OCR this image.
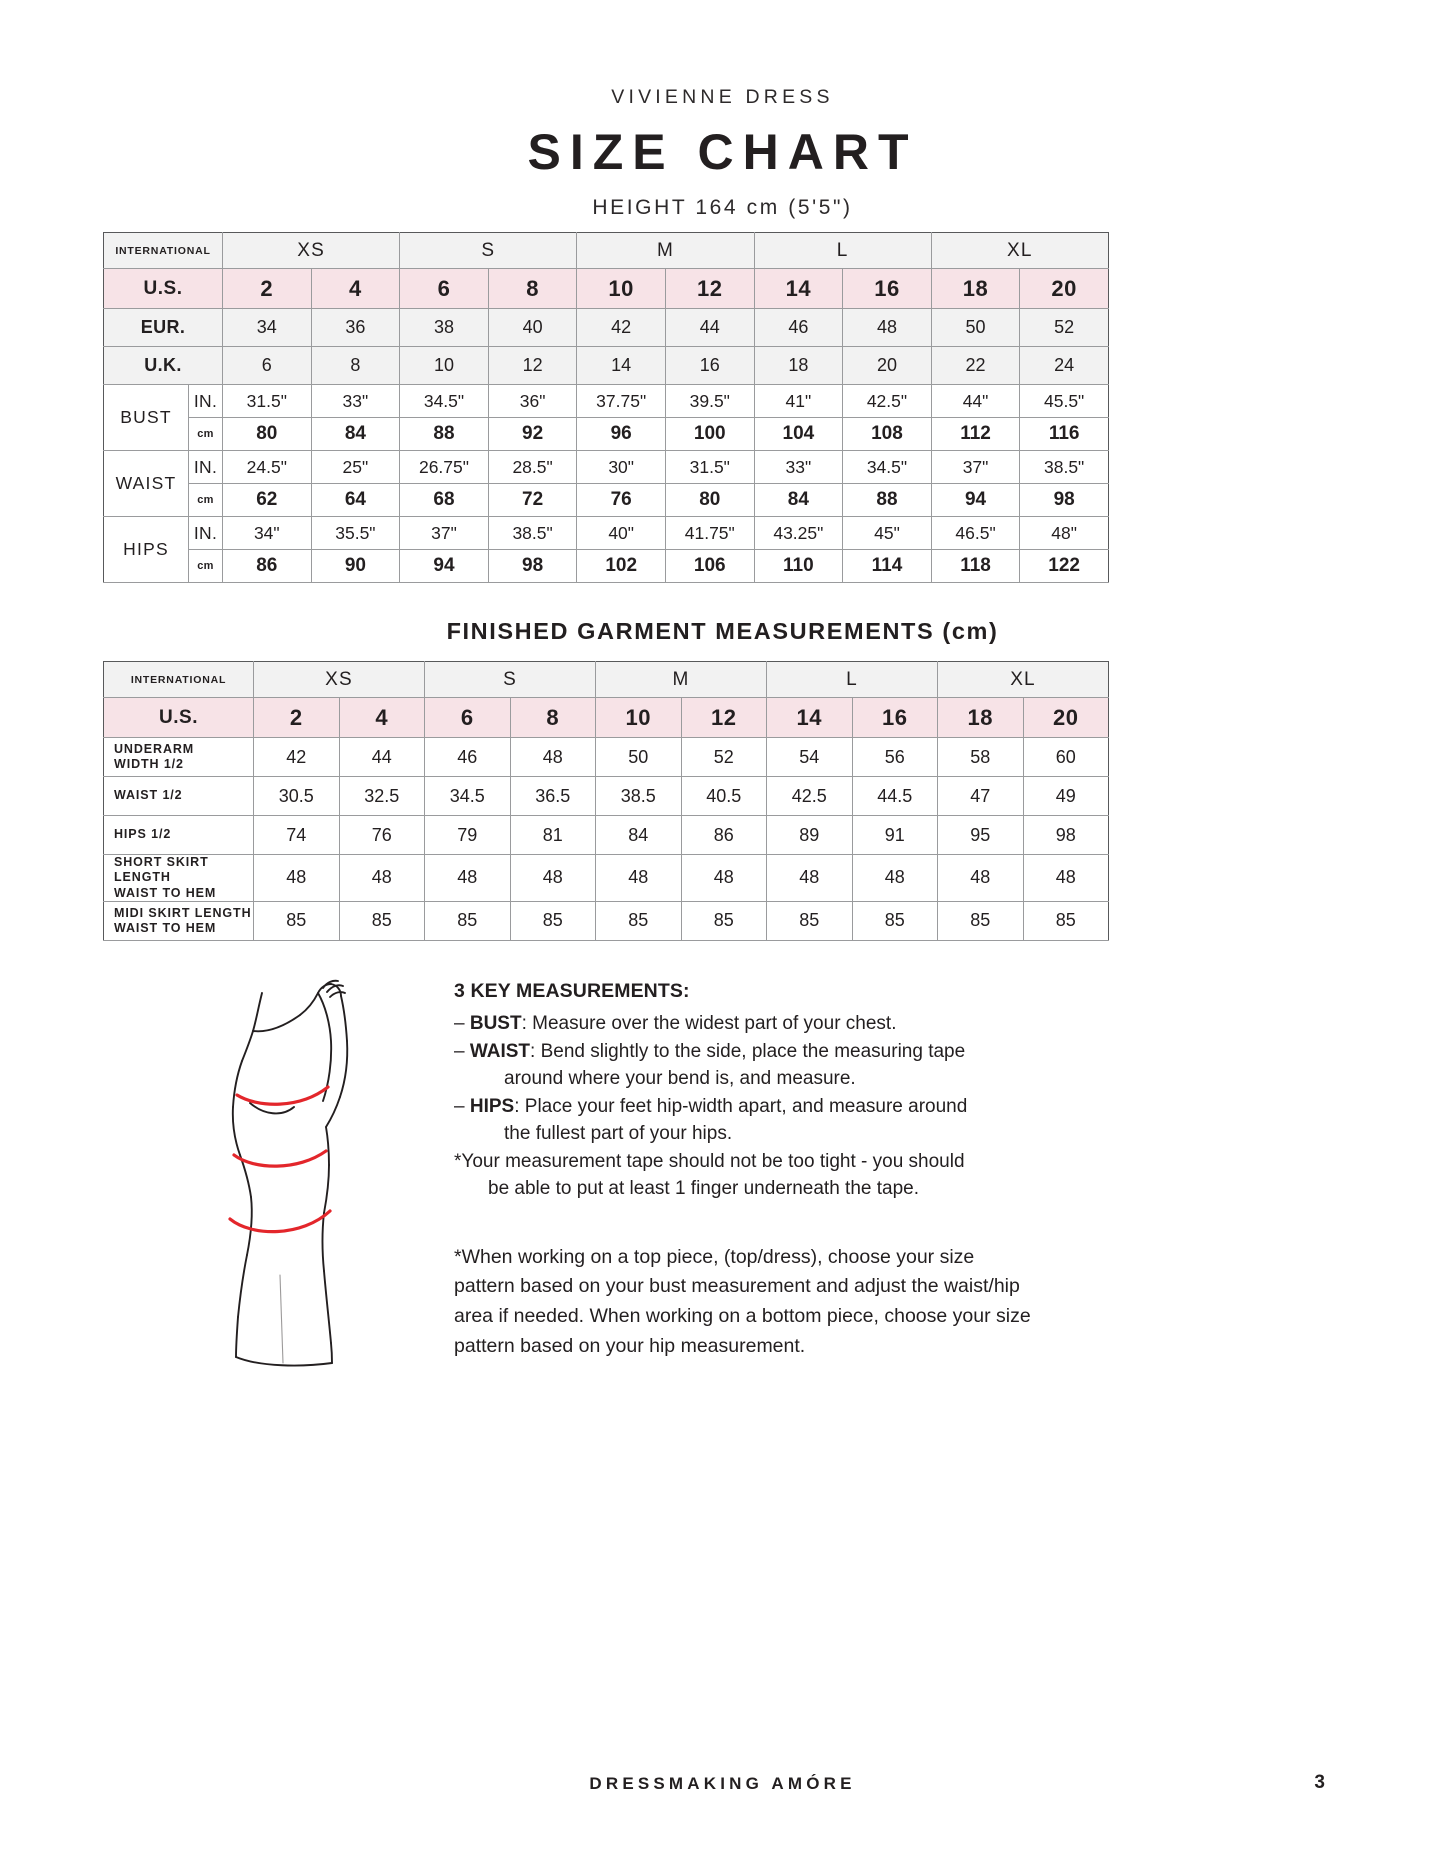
VIVIENNE DRESS
SIZE CHART
HEIGHT 164 cm (5'5")
INTERNATIONAL		XS		S		M		L		XL	
U.S.		2	4	6	8	10	12	14	16	18	20
EUR.		34	36	38	40	42	44	46	48	50	52
U.K.		6	8	10	12	14	16	18	20	22	24
BUST	IN.	31.5"	33"	34.5"	36"	37.75"	39.5"	41"	42.5"	44"	45.5"
	cm	80	84	88	92	96	100	104	108	112	116
WAIST	IN.	24.5"	25"	26.75"	28.5"	30"	31.5"	33"	34.5"	37"	38.5"
	cm	62	64	68	72	76	80	84	88	94	98
HIPS	IN.	34"	35.5"	37"	38.5"	40"	41.75"	43.25"	45"	46.5"	48"
	cm	86	90	94	98	102	106	110	114	118	122
FINISHED GARMENT MEASUREMENTS (cm)
INTERNATIONAL	XS		S		M		L		XL	
U.S.	2	4	6	8	10	12	14	16	18	20
UNDERARM
WIDTH 1/2	42	44	46	48	50	52	54	56	58	60
WAIST 1/2	30.5	32.5	34.5	36.5	38.5	40.5	42.5	44.5	47	49
HIPS 1/2	74	76	79	81	84	86	89	91	95	98
SHORT SKIRT LENGTH
WAIST TO HEM	48	48	48	48	48	48	48	48	48	48
MIDI SKIRT LENGTH
WAIST TO HEM	85	85	85	85	85	85	85	85	85	85
3 KEY MEASUREMENTS:

– BUST: Measure over the widest part of your chest.

– WAIST: Bend slightly to the side, place the measuring tape
around where your bend is, and measure.

– HIPS: Place your feet hip-width apart, and measure around
the fullest part of your hips.

*Your measurement tape should not be too tight - you should
be able to put at least 1 finger underneath the tape.

*When working on a top piece, (top/dress), choose your size pattern based on your bust measurement and adjust the waist/hip area if needed. When working on a bottom piece, choose your size pattern based on your hip measurement.

DRESSMAKING AMÓRE	3
